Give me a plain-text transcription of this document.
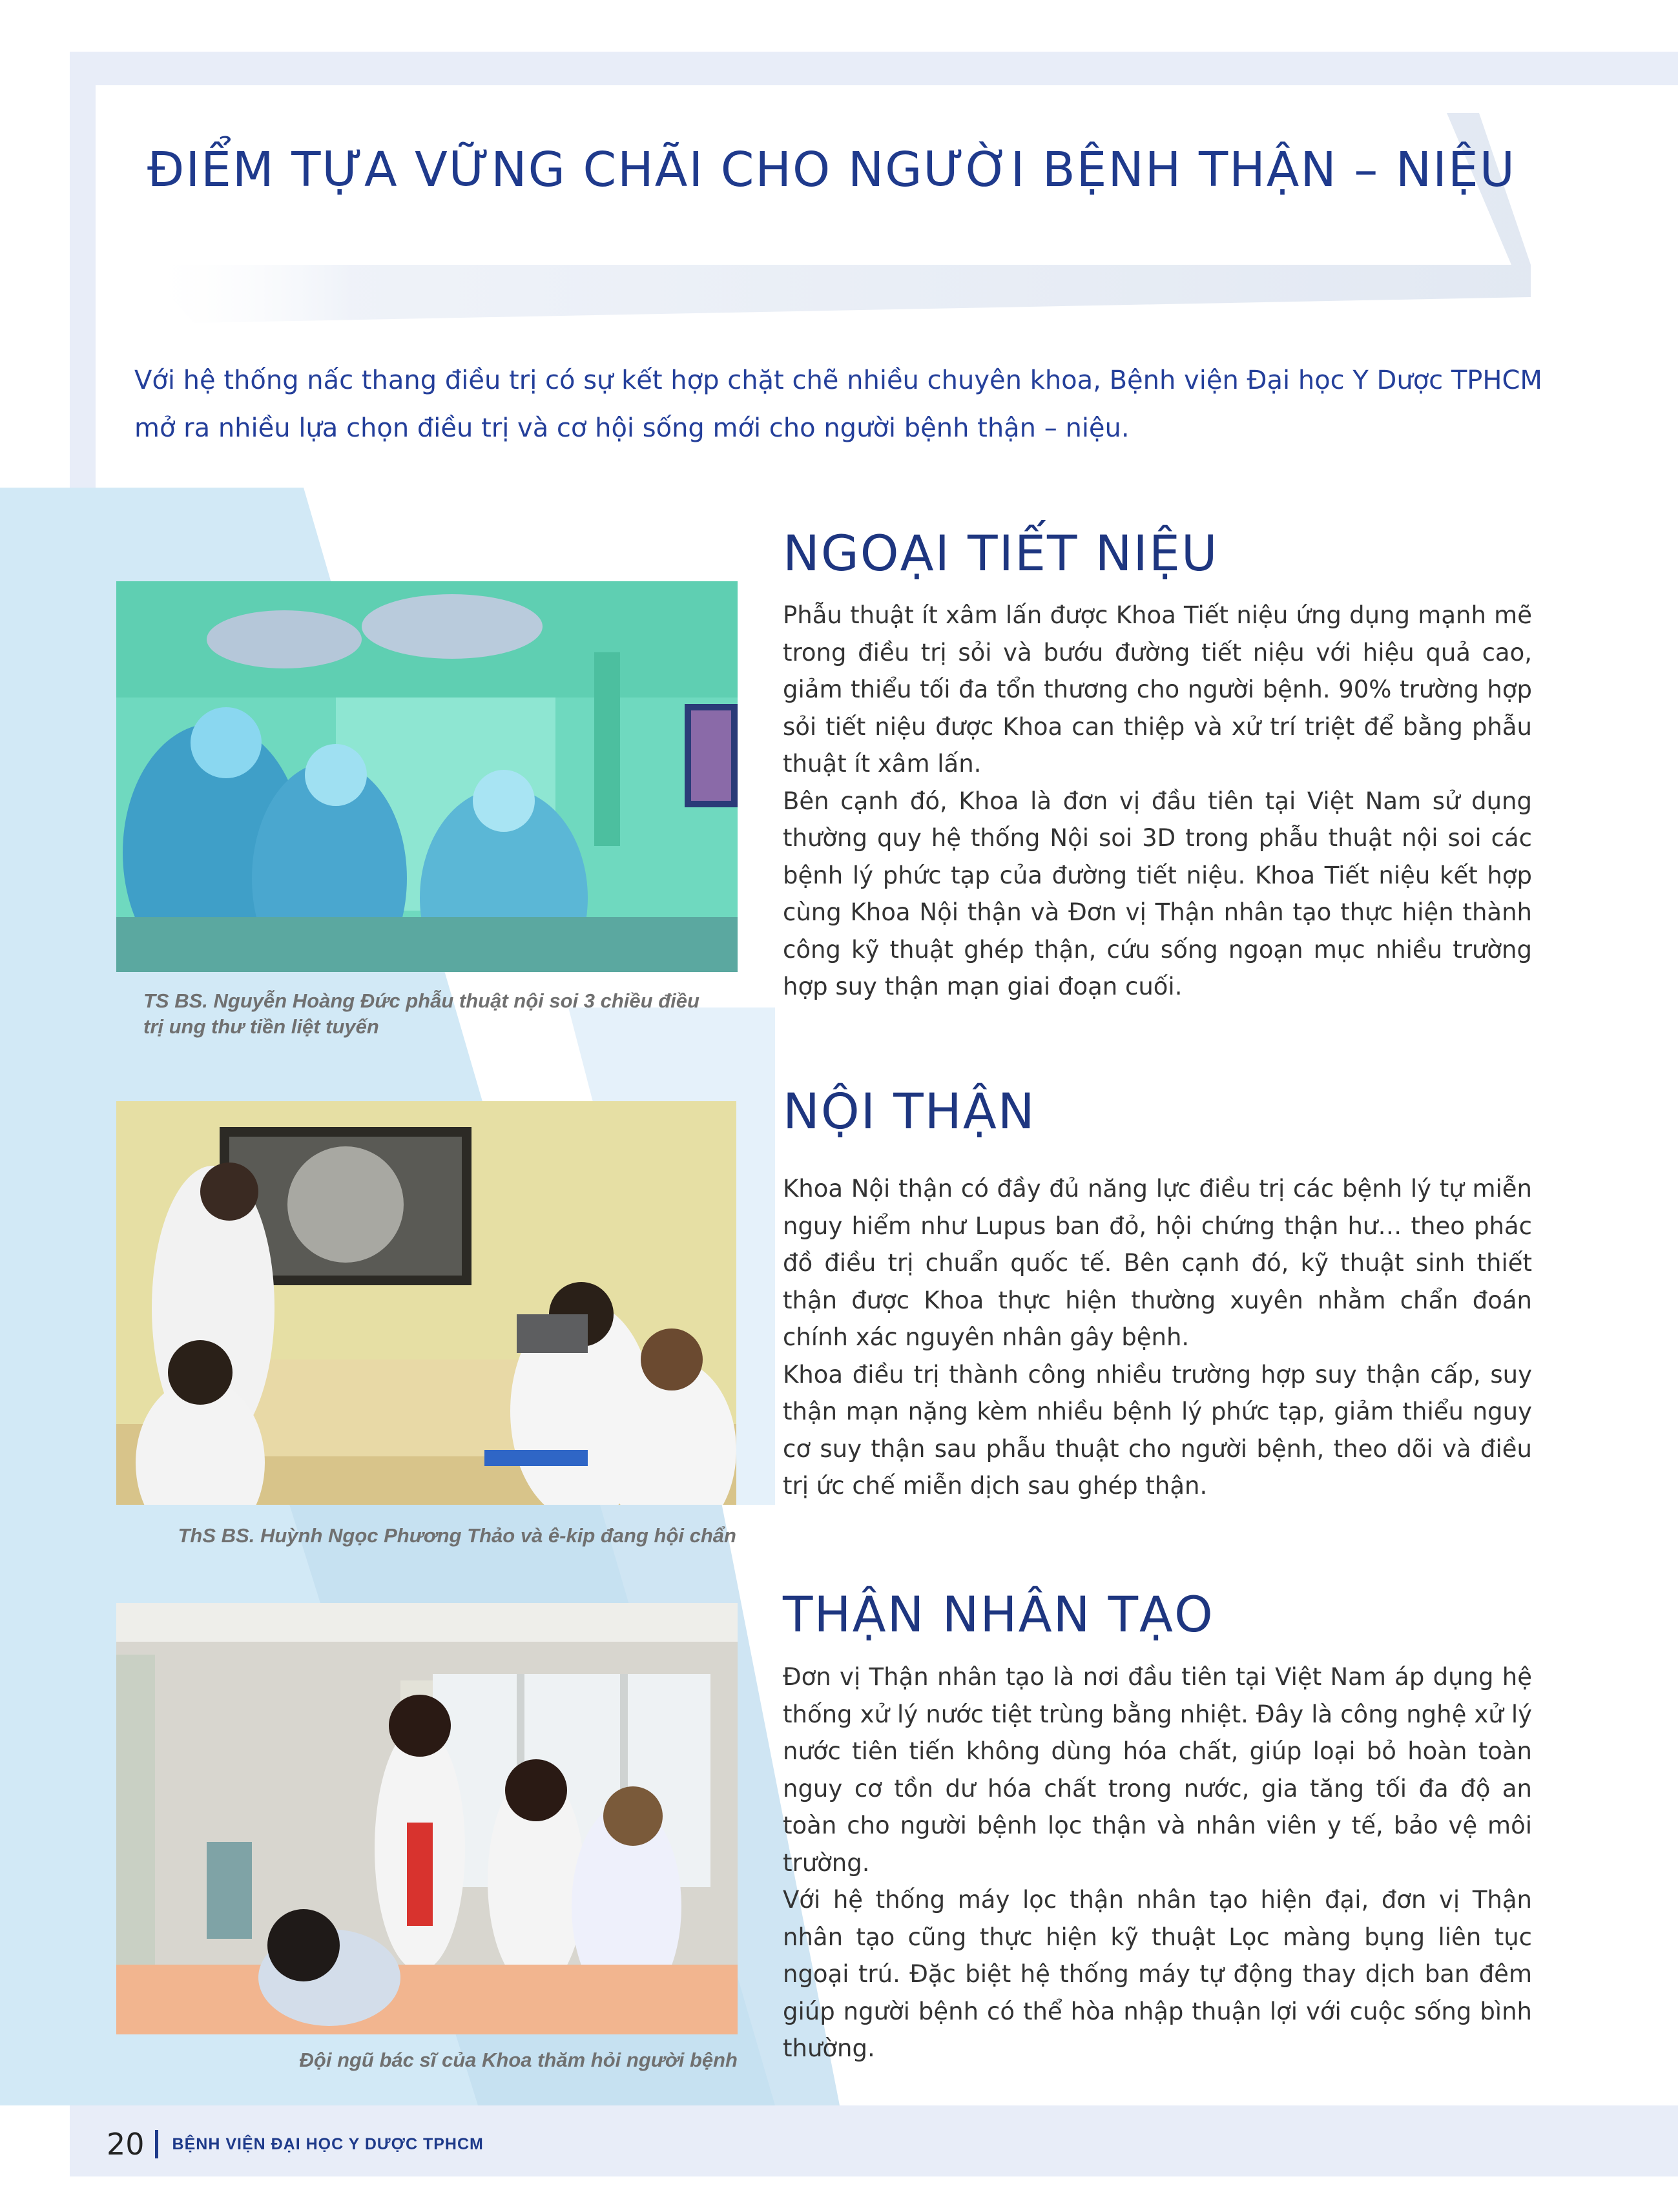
ĐIỂM TỰA VỮNG CHÃI CHO NGƯỜI BỆNH THẬN – NIỆU

Với hệ thống nấc thang điều trị có sự kết hợp chặt chẽ nhiều chuyên khoa, Bệnh viện Đại học Y Dược TPHCM mở ra nhiều lựa chọn điều trị và cơ hội sống mới cho người bệnh thận – niệu.

NGOẠI TIẾT NIỆU

Phẫu thuật ít xâm lấn được Khoa Tiết niệu ứng dụng mạnh mẽ trong điều trị sỏi và bướu đường tiết niệu với hiệu quả cao, giảm thiểu tối đa tổn thương cho người bệnh. 90% trường hợp sỏi tiết niệu được Khoa can thiệp và xử trí triệt để bằng phẫu thuật ít xâm lấn.

Bên cạnh đó, Khoa là đơn vị đầu tiên tại Việt Nam sử dụng thường quy hệ thống Nội soi 3D trong phẫu thuật nội soi các bệnh lý phức tạp của đường tiết niệu. Khoa Tiết niệu kết hợp cùng Khoa Nội thận và Đơn vị Thận nhân tạo thực hiện thành công kỹ thuật ghép thận, cứu sống ngoạn mục nhiều trường hợp suy thận mạn giai đoạn cuối.

TS BS. Nguyễn Hoàng Đức phẫu thuật nội soi 3 chiều điều trị ung thư tiền liệt tuyến

NỘI THẬN

Khoa Nội thận có đầy đủ năng lực điều trị các bệnh lý tự miễn nguy hiểm như Lupus ban đỏ, hội chứng thận hư… theo phác đồ điều trị chuẩn quốc tế. Bên cạnh đó, kỹ thuật sinh thiết thận được Khoa thực hiện thường xuyên nhằm chẩn đoán chính xác nguyên nhân gây bệnh.

Khoa điều trị thành công nhiều trường hợp suy thận cấp, suy thận mạn nặng kèm nhiều bệnh lý phức tạp, giảm thiểu nguy cơ suy thận sau phẫu thuật cho người bệnh, theo dõi và điều trị ức chế miễn dịch sau ghép thận.

ThS BS. Huỳnh Ngọc Phương Thảo và ê-kip đang hội chẩn

THẬN NHÂN TẠO

Đơn vị Thận nhân tạo là nơi đầu tiên tại Việt Nam áp dụng hệ thống xử lý nước tiệt trùng bằng nhiệt. Đây là công nghệ xử lý nước tiên tiến không dùng hóa chất, giúp loại bỏ hoàn toàn nguy cơ tồn dư hóa chất trong nước, gia tăng tối đa độ an toàn cho người bệnh lọc thận và nhân viên y tế, bảo vệ môi trường.

Với hệ thống máy lọc thận nhân tạo hiện đại, đơn vị Thận nhân tạo cũng thực hiện kỹ thuật Lọc màng bụng liên tục ngoại trú. Đặc biệt hệ thống máy tự động thay dịch ban đêm giúp người bệnh có thể hòa nhập thuận lợi với cuộc sống bình thường.

Đội ngũ bác sĩ của Khoa thăm hỏi người bệnh

20 BỆNH VIỆN ĐẠI HỌC Y DƯỢC TPHCM
